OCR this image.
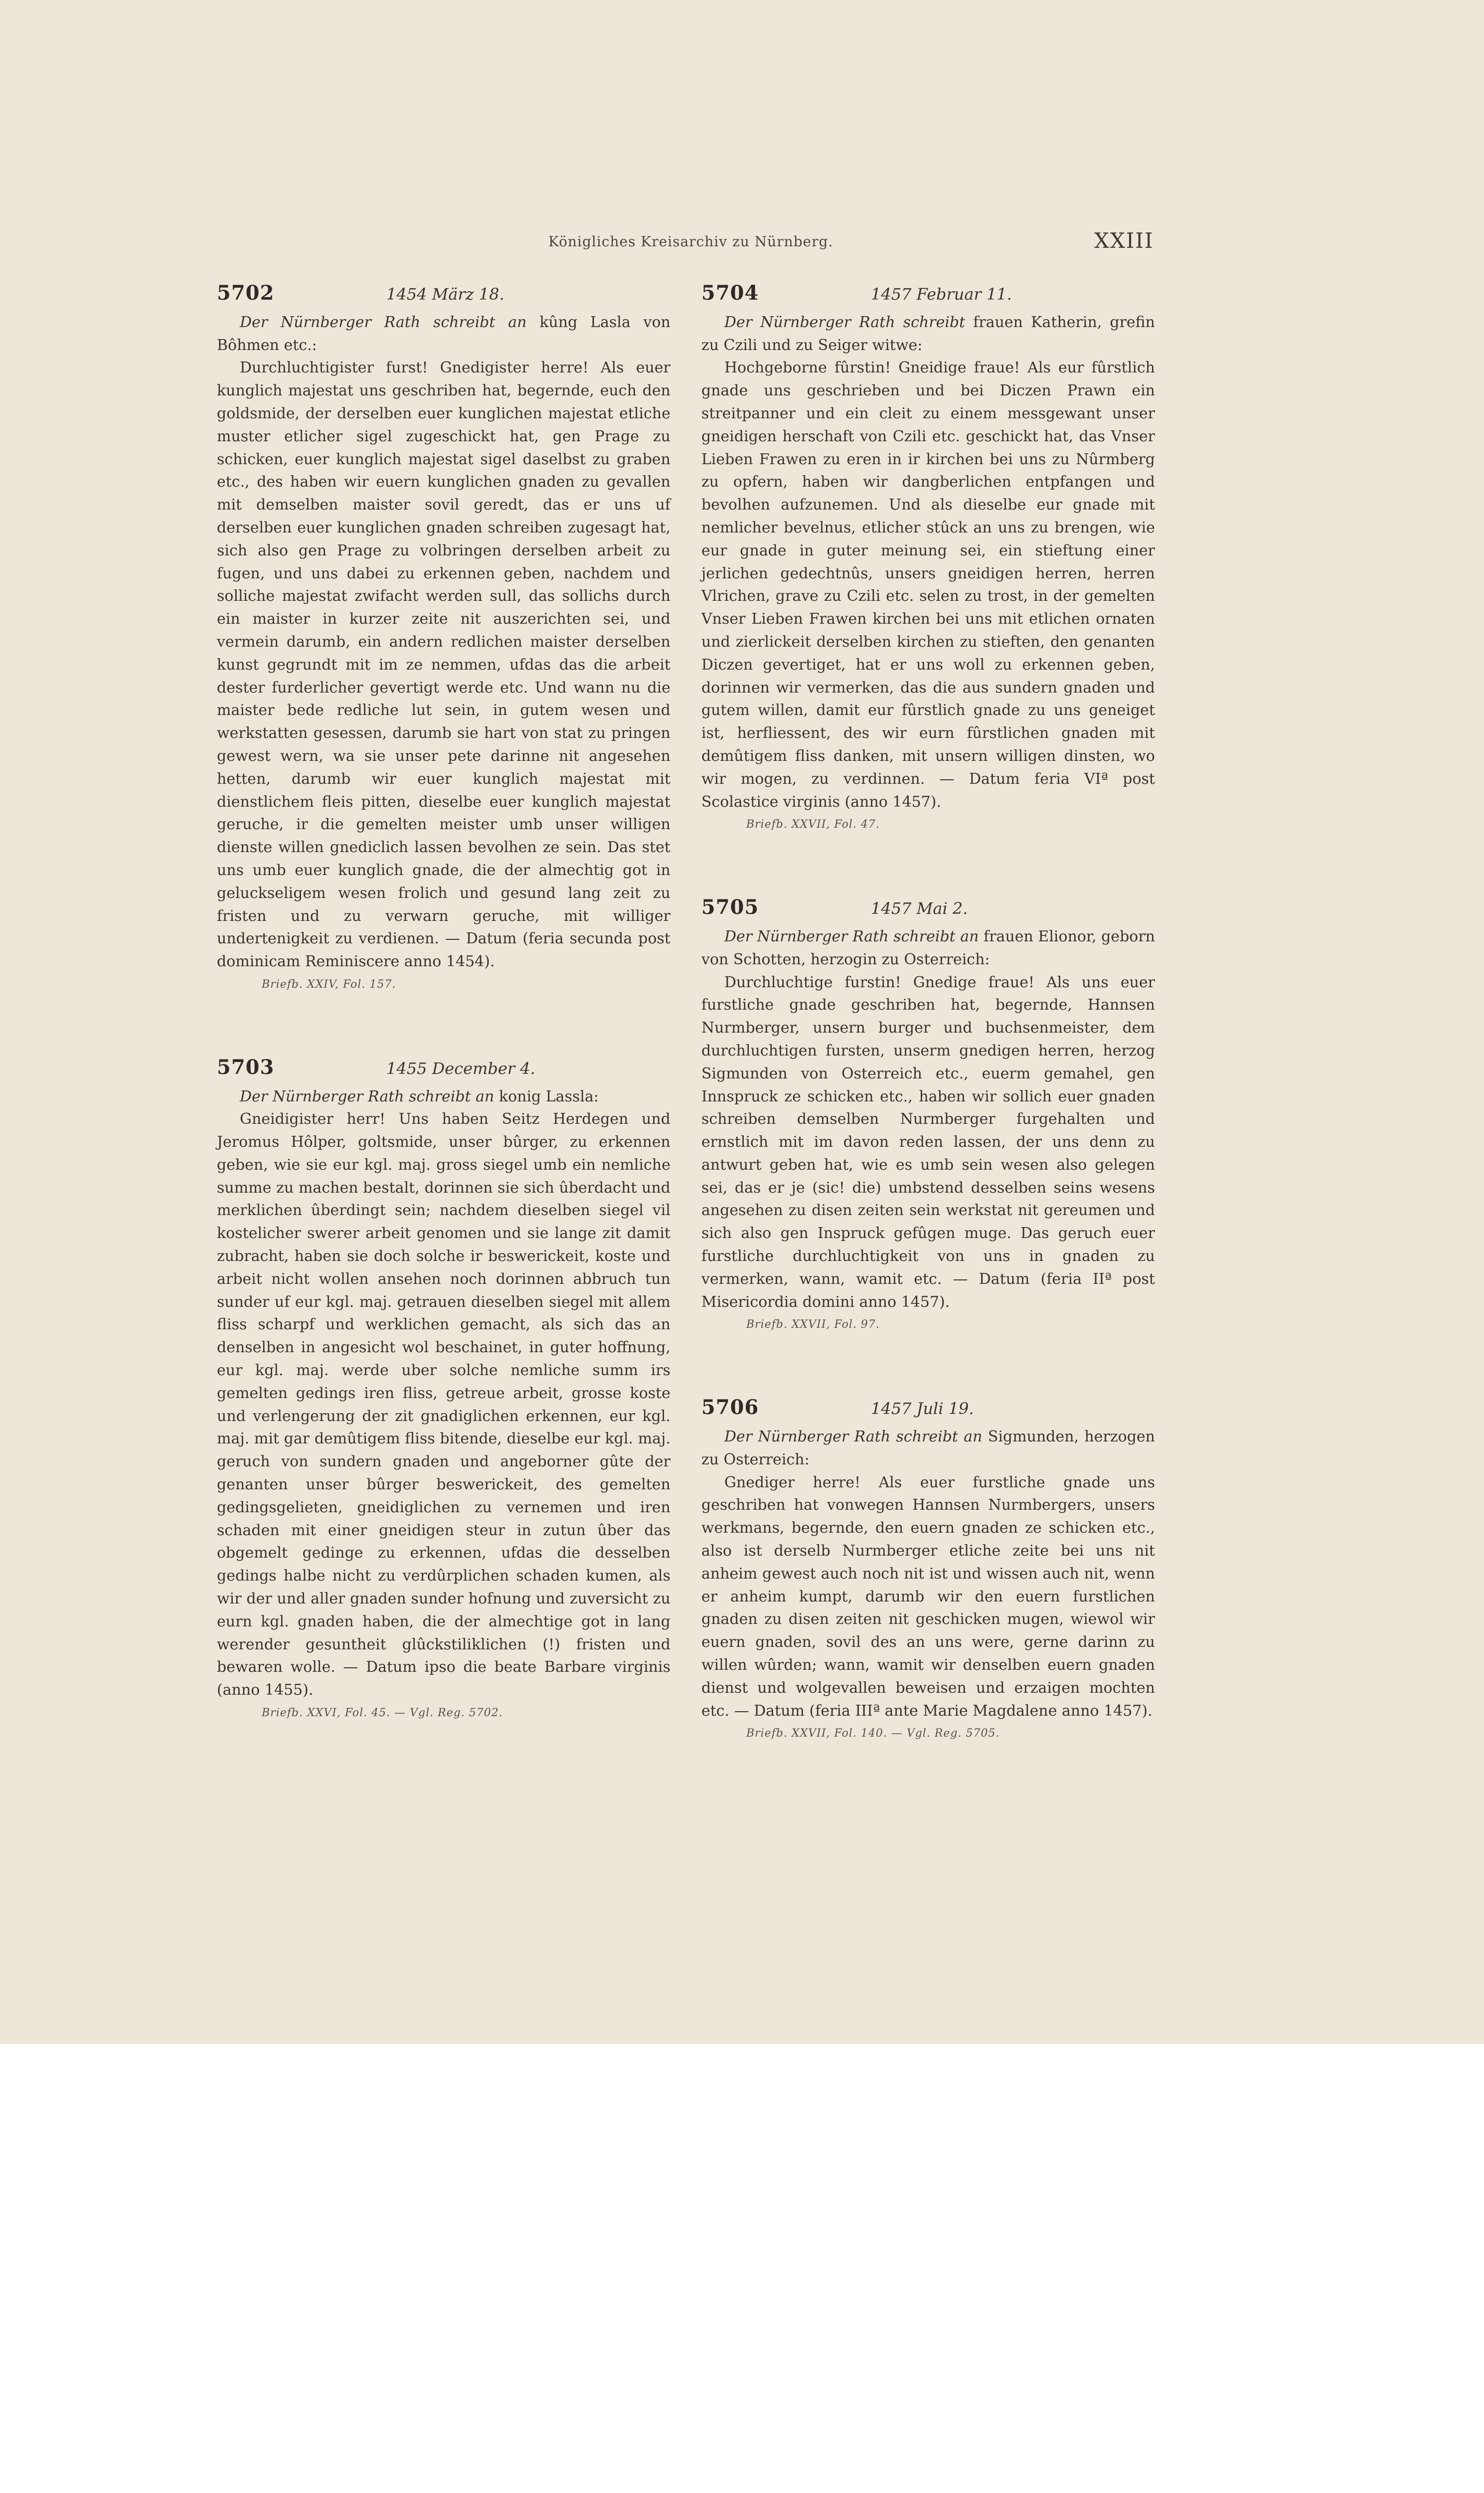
Königliches Kreisarchiv zu Nürnberg.	XXIII
5702	1454 März 18.
Der Nürnberger Rath schreibt an kûng Lasla von Bôhmen etc.:
Durchluchtigister furst! Gnedigister herre! Als euer kunglich majestat uns geschriben hat, begernde, euch den goldsmide, der derselben euer kunglichen majestat etliche muster etlicher sigel zugeschickt hat, gen Prage zu schicken, euer kunglich majestat sigel daselbst zu graben etc., des haben wir euern kunglichen gnaden zu gevallen mit demselben maister sovil geredt, das er uns uf derselben euer kunglichen gnaden schreiben zugesagt hat, sich also gen Prage zu volbringen derselben arbeit zu fugen, und uns dabei zu erkennen geben, nachdem und solliche majestat zwifacht werden sull, das sollichs durch ein maister in kurzer zeite nit auszerichten sei, und vermein darumb, ein andern redlichen maister derselben kunst gegrundt mit im ze nemmen, ufdas das die arbeit dester furderlicher gevertigt werde etc. Und wann nu die maister bede redliche lut sein, in gutem wesen und werkstatten gesessen, darumb sie hart von stat zu pringen gewest wern, wa sie unser pete darinne nit angesehen hetten, darumb wir euer kunglich majestat mit dienstlichem fleis pitten, dieselbe euer kunglich majestat geruche, ir die gemelten meister umb unser willigen dienste willen gnediclich lassen bevolhen ze sein. Das stet uns umb euer kunglich gnade, die der almechtig got in geluckseligem wesen frolich und gesund lang zeit zu fristen und zu verwarn geruche, mit williger undertenigkeit zu verdienen. — Datum (feria secunda post dominicam Reminiscere anno 1454).
Briefb. XXIV, Fol. 157.
5703	1455 December 4.
Der Nürnberger Rath schreibt an konig Lassla:
Gneidigister herr! Uns haben Seitz Herdegen und Jeromus Hôlper, goltsmide, unser bûrger, zu erkennen geben, wie sie eur kgl. maj. gross siegel umb ein nemliche summe zu machen bestalt, dorinnen sie sich ûberdacht und merklichen ûberdingt sein; nachdem dieselben siegel vil kostelicher swerer arbeit genomen und sie lange zit damit zubracht, haben sie doch solche ir beswerickeit, koste und arbeit nicht wollen ansehen noch dorinnen abbruch tun sunder uf eur kgl. maj. getrauen dieselben siegel mit allem fliss scharpf und werklichen gemacht, als sich das an denselben in angesicht wol beschainet, in guter hoffnung, eur kgl. maj. werde uber solche nemliche summ irs gemelten gedings iren fliss, getreue arbeit, grosse koste und verlengerung der zit gnadiglichen erkennen, eur kgl. maj. mit gar demûtigem fliss bitende, dieselbe eur kgl. maj. geruch von sundern gnaden und angeborner gûte der genanten unser bûrger beswerickeit, des gemelten gedingsgelieten, gneidiglichen zu vernemen und iren schaden mit einer gneidigen steur in zutun ûber das obgemelt gedinge zu erkennen, ufdas die desselben gedings halbe nicht zu verdûrplichen schaden kumen, als wir der und aller gnaden sunder hofnung und zuversicht zu eurn kgl. gnaden haben, die der almechtige got in lang werender gesuntheit glûckstiliklichen (!) fristen und bewaren wolle. — Datum ipso die beate Barbare virginis (anno 1455).
Briefb. XXVI, Fol. 45. — Vgl. Reg. 5702.
5704	1457 Februar 11.
Der Nürnberger Rath schreibt frauen Katherin, grefin zu Czili und zu Seiger witwe:
Hochgeborne fûrstin! Gneidige fraue! Als eur fûrstlich gnade uns geschrieben und bei Diczen Prawn ein streitpanner und ein cleit zu einem messgewant unser gneidigen herschaft von Czili etc. geschickt hat, das Vnser Lieben Frawen zu eren in ir kirchen bei uns zu Nûrmberg zu opfern, haben wir dangberlichen entpfangen und bevolhen aufzunemen. Und als dieselbe eur gnade mit nemlicher bevelnus, etlicher stûck an uns zu brengen, wie eur gnade in guter meinung sei, ein stieftung einer jerlichen gedechtnûs, unsers gneidigen herren, herren Vlrichen, grave zu Czili etc. selen zu trost, in der gemelten Vnser Lieben Frawen kirchen bei uns mit etlichen ornaten und zierlickeit derselben kirchen zu stieften, den genanten Diczen gevertiget, hat er uns woll zu erkennen geben, dorinnen wir vermerken, das die aus sundern gnaden und gutem willen, damit eur fûrstlich gnade zu uns geneiget ist, herfliessent, des wir eurn fûrstlichen gnaden mit demûtigem fliss danken, mit unsern willigen dinsten, wo wir mogen, zu verdinnen. — Datum feria VIª post Scolastice virginis (anno 1457).
Briefb. XXVII, Fol. 47.
5705	1457 Mai 2.
Der Nürnberger Rath schreibt an frauen Elionor, geborn von Schotten, herzogin zu Osterreich:
Durchluchtige furstin! Gnedige fraue! Als uns euer furstliche gnade geschriben hat, begernde, Hannsen Nurmberger, unsern burger und buchsenmeister, dem durchluchtigen fursten, unserm gnedigen herren, herzog Sigmunden von Osterreich etc., euerm gemahel, gen Innspruck ze schicken etc., haben wir sollich euer gnaden schreiben demselben Nurmberger furgehalten und ernstlich mit im davon reden lassen, der uns denn zu antwurt geben hat, wie es umb sein wesen also gelegen sei, das er je (sic! die) umbstend desselben seins wesens angesehen zu disen zeiten sein werkstat nit gereumen und sich also gen Inspruck gefûgen muge. Das geruch euer furstliche durchluchtigkeit von uns in gnaden zu vermerken, wann, wamit etc. — Datum (feria IIª post Misericordia domini anno 1457).
Briefb. XXVII, Fol. 97.
5706	1457 Juli 19.
Der Nürnberger Rath schreibt an Sigmunden, herzogen zu Osterreich:
Gnediger herre! Als euer furstliche gnade uns geschriben hat vonwegen Hannsen Nurmbergers, unsers werkmans, begernde, den euern gnaden ze schicken etc., also ist derselb Nurmberger etliche zeite bei uns nit anheim gewest auch noch nit ist und wissen auch nit, wenn er anheim kumpt, darumb wir den euern furstlichen gnaden zu disen zeiten nit geschicken mugen, wiewol wir euern gnaden, sovil des an uns were, gerne darinn zu willen wûrden; wann, wamit wir denselben euern gnaden dienst und wolgevallen beweisen und erzaigen mochten etc. — Datum (feria IIIª ante Marie Magdalene anno 1457).
Briefb. XXVII, Fol. 140. — Vgl. Reg. 5705.
